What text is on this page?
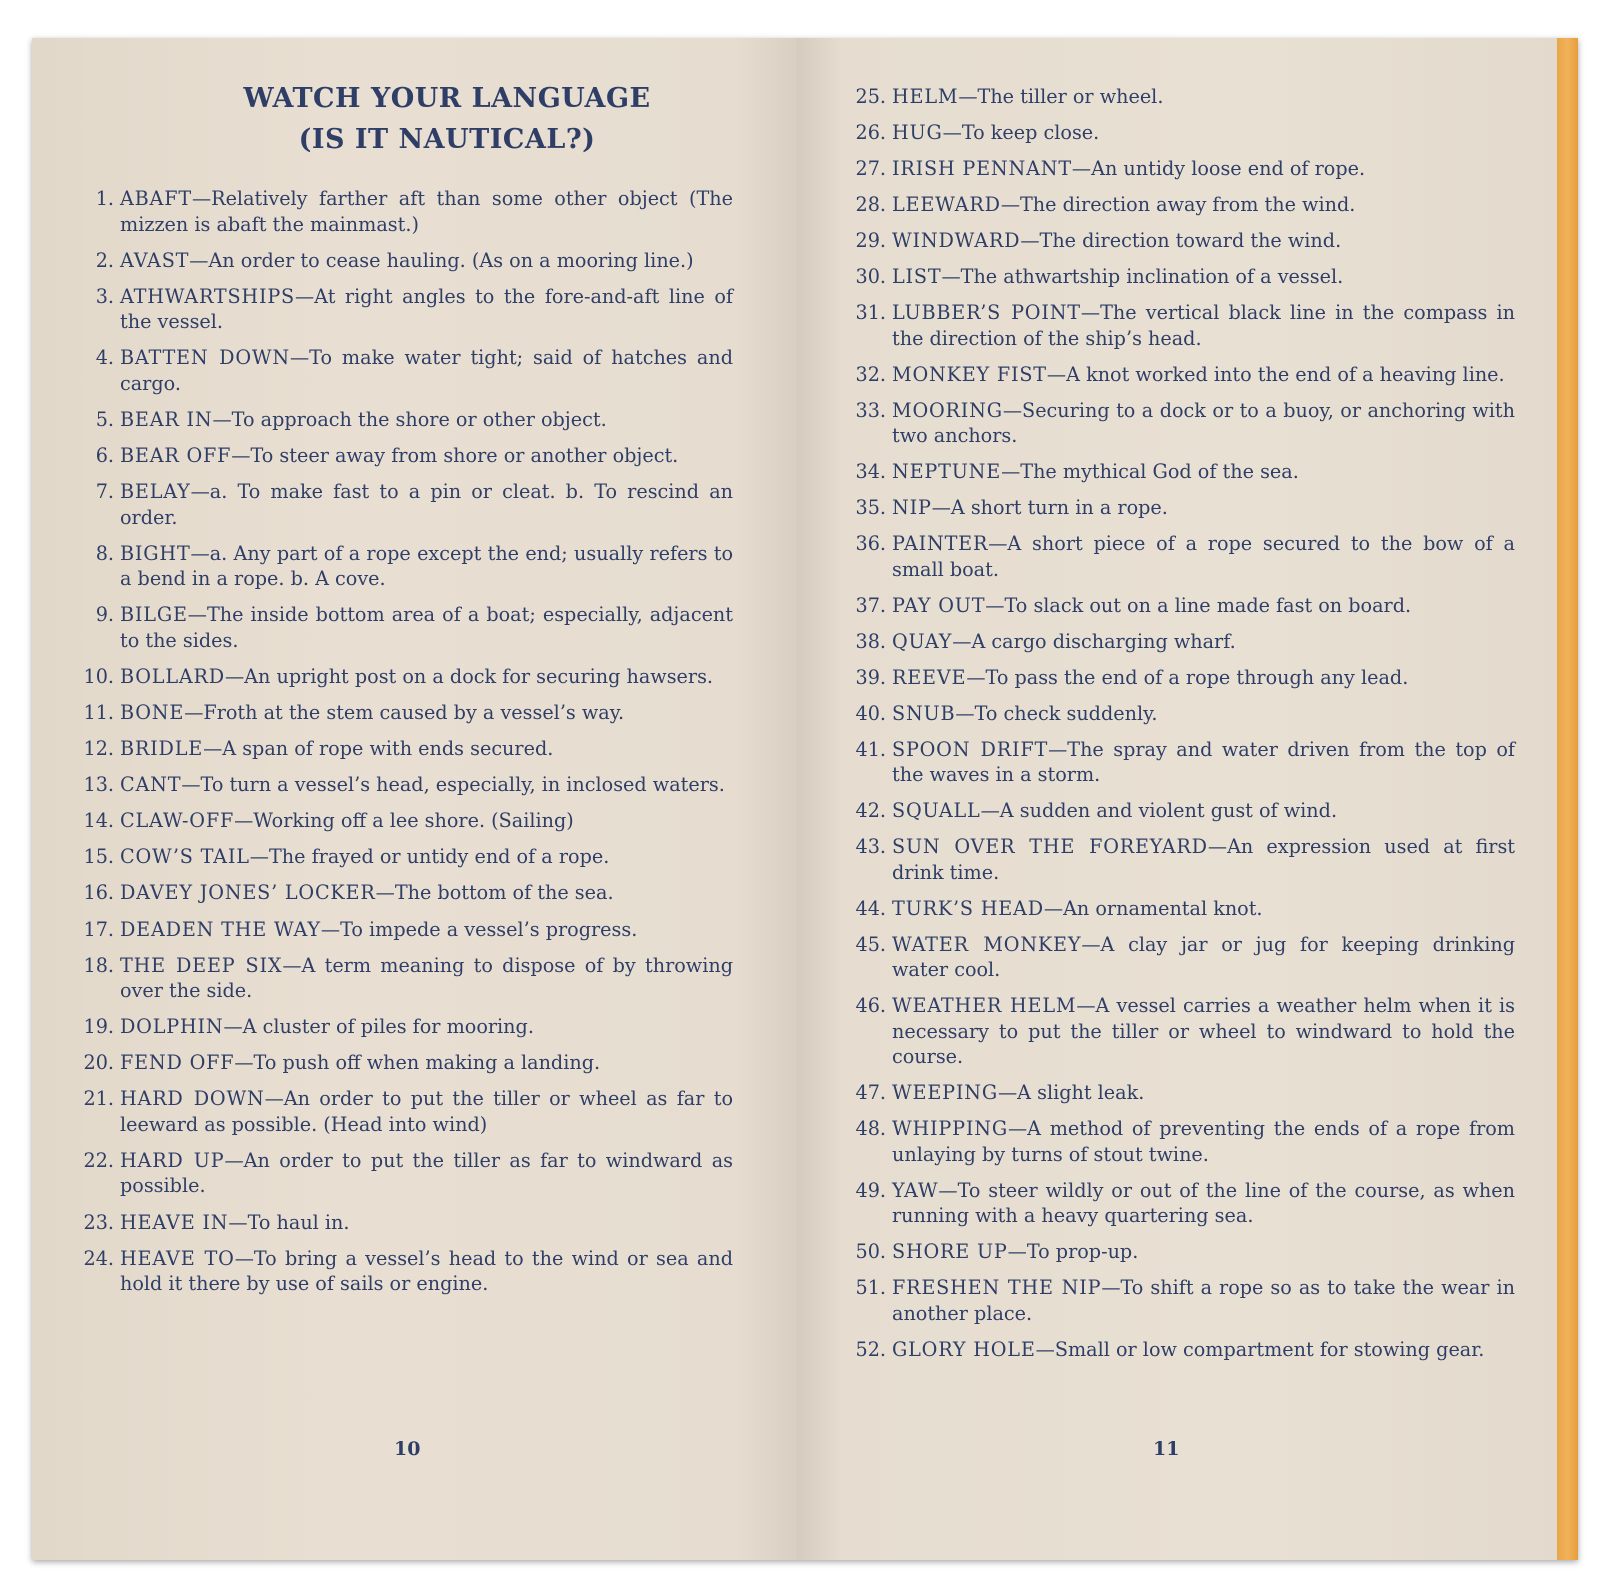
WATCH YOUR LANGUAGE
(IS IT NAUTICAL?)
1. ABAFT—Relatively farther aft than some other object (The mizzen is abaft the mainmast.)
2. AVAST—An order to cease hauling. (As on a mooring line.)
3. ATHWARTSHIPS—At right angles to the fore-and-aft line of the vessel.
4. BATTEN DOWN—To make water tight; said of hatches and cargo.
5. BEAR IN—To approach the shore or other object.
6. BEAR OFF—To steer away from shore or another object.
7. BELAY—a. To make fast to a pin or cleat. b. To rescind an order.
8. BIGHT—a. Any part of a rope except the end; usually refers to a bend in a rope. b. A cove.
9. BILGE—The inside bottom area of a boat; especially, adjacent to the sides.
10. BOLLARD—An upright post on a dock for securing hawsers.
11. BONE—Froth at the stem caused by a vessel’s way.
12. BRIDLE—A span of rope with ends secured.
13. CANT—To turn a vessel’s head, especially, in inclosed waters.
14. CLAW-OFF—Working off a lee shore. (Sailing)
15. COW’S TAIL—The frayed or untidy end of a rope.
16. DAVEY JONES’ LOCKER—The bottom of the sea.
17. DEADEN THE WAY—To impede a vessel’s progress.
18. THE DEEP SIX—A term meaning to dispose of by throwing over the side.
19. DOLPHIN—A cluster of piles for mooring.
20. FEND OFF—To push off when making a landing.
21. HARD DOWN—An order to put the tiller or wheel as far to leeward as possible. (Head into wind)
22. HARD UP—An order to put the tiller as far to windward as possible.
23. HEAVE IN—To haul in.
24. HEAVE TO—To bring a vessel’s head to the wind or sea and hold it there by use of sails or engine.
10
25. HELM—The tiller or wheel.
26. HUG—To keep close.
27. IRISH PENNANT—An untidy loose end of rope.
28. LEEWARD—The direction away from the wind.
29. WINDWARD—The direction toward the wind.
30. LIST—The athwartship inclination of a vessel.
31. LUBBER’S POINT—The vertical black line in the compass in the direction of the ship’s head.
32. MONKEY FIST—A knot worked into the end of a heaving line.
33. MOORING—Securing to a dock or to a buoy, or anchoring with two anchors.
34. NEPTUNE—The mythical God of the sea.
35. NIP—A short turn in a rope.
36. PAINTER—A short piece of a rope secured to the bow of a small boat.
37. PAY OUT—To slack out on a line made fast on board.
38. QUAY—A cargo discharging wharf.
39. REEVE—To pass the end of a rope through any lead.
40. SNUB—To check suddenly.
41. SPOON DRIFT—The spray and water driven from the top of the waves in a storm.
42. SQUALL—A sudden and violent gust of wind.
43. SUN OVER THE FOREYARD—An expression used at first drink time.
44. TURK’S HEAD—An ornamental knot.
45. WATER MONKEY—A clay jar or jug for keeping drinking water cool.
46. WEATHER HELM—A vessel carries a weather helm when it is necessary to put the tiller or wheel to windward to hold the course.
47. WEEPING—A slight leak.
48. WHIPPING—A method of preventing the ends of a rope from unlaying by turns of stout twine.
49. YAW—To steer wildly or out of the line of the course, as when running with a heavy quartering sea.
50. SHORE UP—To prop-up.
51. FRESHEN THE NIP—To shift a rope so as to take the wear in another place.
52. GLORY HOLE—Small or low compartment for stowing gear.
11
